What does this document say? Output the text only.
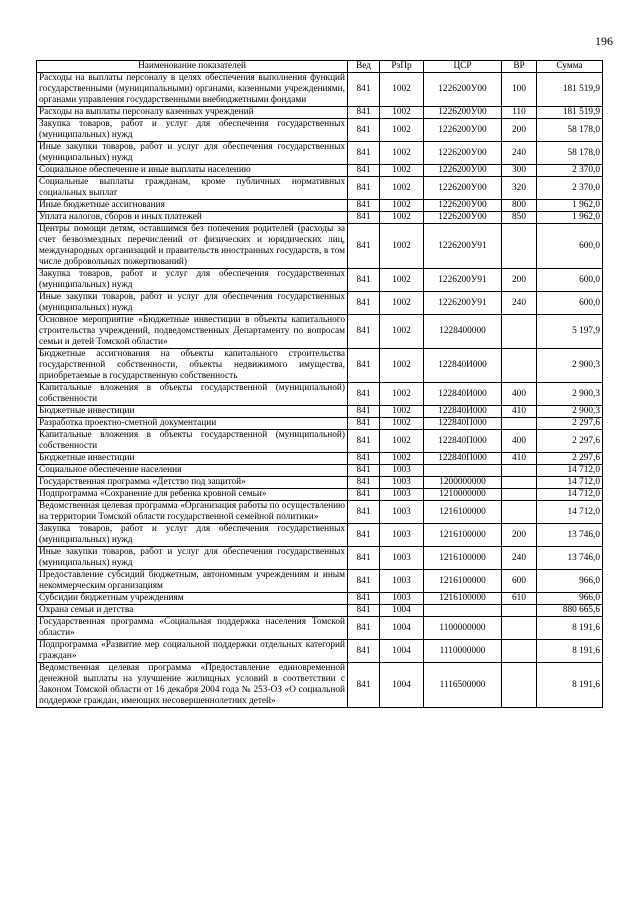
196
Наименование показателей	Вед	РзПр	ЦСР	ВР	Сумма
Расходы на выплаты персоналу в целях обеспечения выполнения функций государственными (муниципальными) органами, казенными учреждениями, органами управления государственными внебюджетными фондами	841	1002	1226200У00	100	181 519,9
Расходы на выплаты персоналу казенных учреждений	841	1002	1226200У00	110	181 519,9
Закупка товаров, работ и услуг для обеспечения государственных (муниципальных) нужд	841	1002	1226200У00	200	58 178,0
Иные закупки товаров, работ и услуг для обеспечения государственных (муниципальных) нужд	841	1002	1226200У00	240	58 178,0
Социальное обеспечение и иные выплаты населению	841	1002	1226200У00	300	2 370,0
Социальные выплаты гражданам, кроме публичных нормативных социальных выплат	841	1002	1226200У00	320	2 370,0
Иные бюджетные ассигнования	841	1002	1226200У00	800	1 962,0
Уплата налогов, сборов и иных платежей	841	1002	1226200У00	850	1 962,0
Центры помощи детям, оставшимся без попечения родителей (расходы за счет безвозмездных перечислений от физических и юридических лиц, международных организаций и правительств иностранных государств, в том числе добровольных пожертвований)	841	1002	1226200У91		600,0
Закупка товаров, работ и услуг для обеспечения государственных (муниципальных) нужд	841	1002	1226200У91	200	600,0
Иные закупки товаров, работ и услуг для обеспечения государственных (муниципальных) нужд	841	1002	1226200У91	240	600,0
Основное мероприятие «Бюджетные инвестиции в объекты капитального строительства учреждений, подведомственных Департаменту по вопросам семьи и детей Томской области»	841	1002	1228400000		5 197,9
Бюджетные ассигнования на объекты капитального строительства государственной собственности, объекты недвижимого имущества, приобретаемые в государственную собственность	841	1002	122840И000		2 900,3
Капитальные вложения в объекты государственной (муниципальной) собственности	841	1002	122840И000	400	2 900,3
Бюджетные инвестиции	841	1002	122840И000	410	2 900,3
Разработка проектно-сметной документации	841	1002	122840П000		2 297,6
Капитальные вложения в объекты государственной (муниципальной) собственности	841	1002	122840П000	400	2 297,6
Бюджетные инвестиции	841	1002	122840П000	410	2 297,6
Социальное обеспечение населения	841	1003			14 712,0
Государственная программа «Детство под защитой»	841	1003	1200000000		14 712,0
Подпрограмма «Сохранение для ребенка кровной семьи»	841	1003	1210000000		14 712,0
Ведомственная целевая программа «Организация работы по осуществлению на территории Томской области государственной семейной политики»	841	1003	1216100000		14 712,0
Закупка товаров, работ и услуг для обеспечения государственных (муниципальных) нужд	841	1003	1216100000	200	13 746,0
Иные закупки товаров, работ и услуг для обеспечения государственных (муниципальных) нужд	841	1003	1216100000	240	13 746,0
Предоставление субсидий бюджетным, автономным учреждениям и иным некоммерческим организациям	841	1003	1216100000	600	966,0
Субсидии бюджетным учреждениям	841	1003	1216100000	610	966,0
Охрана семьи и детства	841	1004			880 665,6
Государственная программа «Социальная поддержка населения Томской области»	841	1004	1100000000		8 191,6
Подпрограмма «Развитие мер социальной поддержки отдельных категорий граждан»	841	1004	1110000000		8 191,6
Ведомственная целевая программа «Предоставление единовременной денежной выплаты на улучшение жилищных условий в соответствии с Законом Томской области от 16 декабря 2004 года № 253-ОЗ «О социальной поддержке граждан, имеющих несовершеннолетних детей»	841	1004	1116500000		8 191,6
